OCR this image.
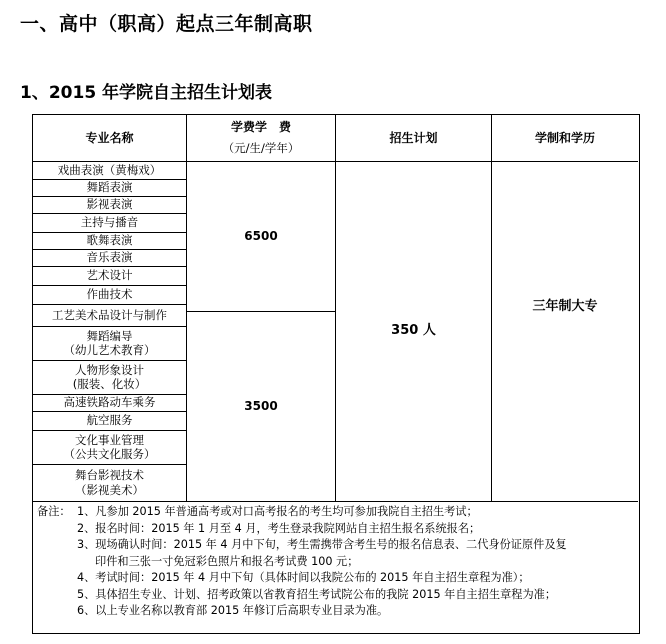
一、高中（职高）起点三年制高职
1、2015 年学院自主招生计划表
专业名称
学费学　费
（元/生/学年）
招生计划	学制和学历
戏曲表演（黄梅戏）
舞蹈表演
影视表演
主持与播音
歌舞表演
音乐表演
艺术设计
作曲技术
工艺美术品设计与制作
舞蹈编导
（幼儿艺术教育）
人物形象设计
(服装、化妆）
高速铁路动车乘务
航空服务
文化事业管理
（公共文化服务）
舞台影视技术
（影视美术）
6500
3500
350 人
三年制大专
备注： 1、凡参加 2015 年普通高考或对口高考报名的考生均可参加我院自主招生考试；
2、报名时间：2015 年 1 月至 4 月，考生登录我院网站自主招生报名系统报名；
3、现场确认时间：2015 年 4 月中下旬，考生需携带含考生号的报名信息表、二代身份证原件及复
印件和三张一寸免冠彩色照片和报名考试费 100 元；
4、考试时间：2015 年 4 月中下旬（具体时间以我院公布的 2015 年自主招生章程为准）；
5、具体招生专业、计划、招考政策以省教育招生考试院公布的我院 2015 年自主招生章程为准；
6、以上专业名称以教育部 2015 年修订后高职专业目录为准。
